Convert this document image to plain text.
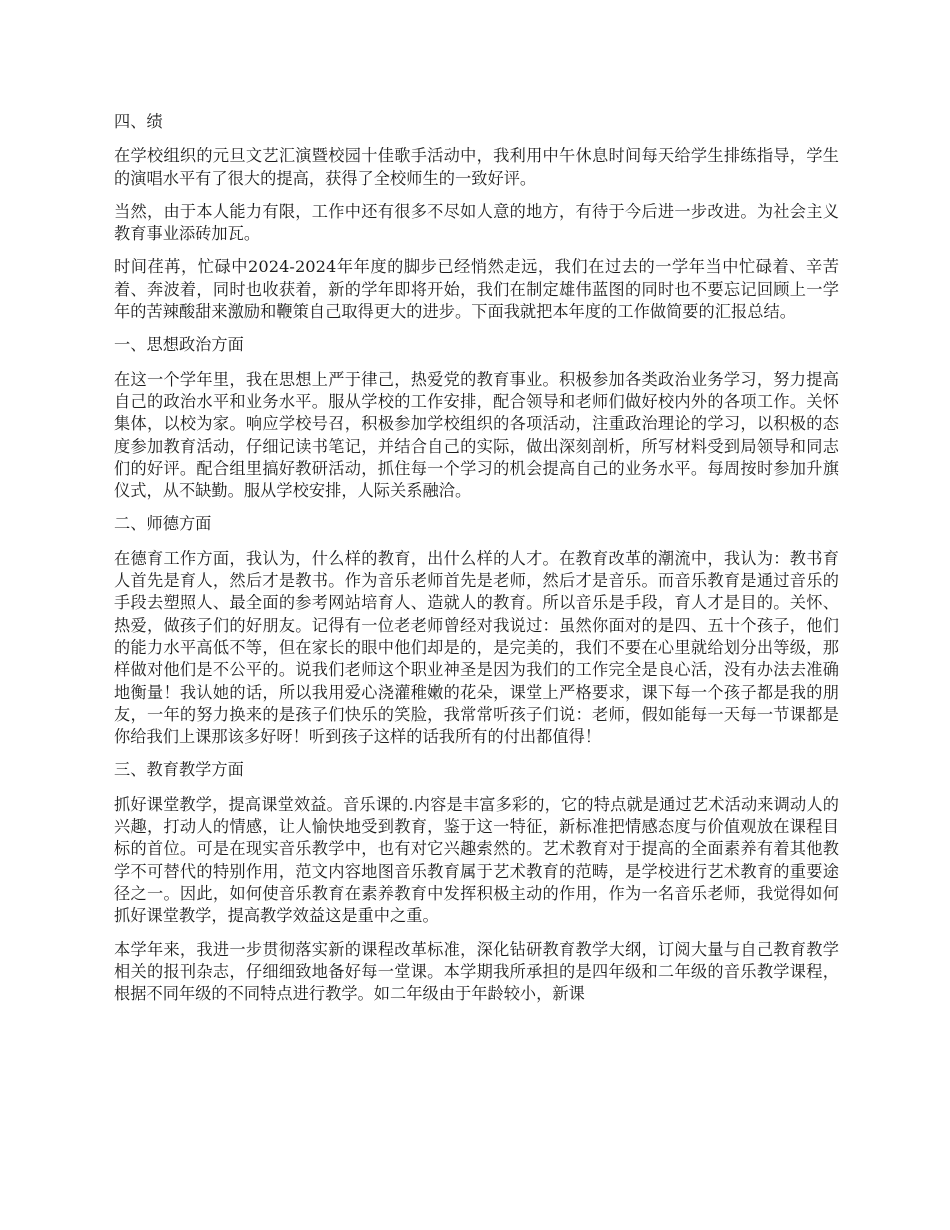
四、绩

在学校组织的元旦文艺汇演暨校园十佳歌手活动中，我利用中午休息时间每天给学生排练指导，学生的演唱水平有了很大的提高，获得了全校师生的一致好评。

当然，由于本人能力有限，工作中还有很多不尽如人意的地方，有待于今后进一步改进。为社会主义教育事业添砖加瓦。

时间荏苒，忙碌中2024-2024年年度的脚步已经悄然走远，我们在过去的一学年当中忙碌着、辛苦着、奔波着，同时也收获着，新的学年即将开始，我们在制定雄伟蓝图的同时也不要忘记回顾上一学年的苦辣酸甜来激励和鞭策自己取得更大的进步。下面我就把本年度的工作做简要的汇报总结。

一、思想政治方面

在这一个学年里，我在思想上严于律己，热爱党的教育事业。积极参加各类政治业务学习，努力提高自己的政治水平和业务水平。服从学校的工作安排，配合领导和老师们做好校内外的各项工作。关怀集体，以校为家。响应学校号召，积极参加学校组织的各项活动，注重政治理论的学习，以积极的态度参加教育活动，仔细记读书笔记，并结合自己的实际，做出深刻剖析，所写材料受到局领导和同志们的好评。配合组里搞好教研活动，抓住每一个学习的机会提高自己的业务水平。每周按时参加升旗仪式，从不缺勤。服从学校安排，人际关系融洽。

二、师德方面

在德育工作方面，我认为，什么样的教育，出什么样的人才。在教育改革的潮流中，我认为：教书育人首先是育人，然后才是教书。作为音乐老师首先是老师，然后才是音乐。而音乐教育是通过音乐的手段去塑照人、最全面的参考网站培育人、造就人的教育。所以音乐是手段，育人才是目的。关怀、热爱，做孩子们的好朋友。记得有一位老老师曾经对我说过：虽然你面对的是四、五十个孩子，他们的能力水平高低不等，但在家长的眼中他们却是的，是完美的，我们不要在心里就给划分出等级，那样做对他们是不公平的。说我们老师这个职业神圣是因为我们的工作完全是良心活，没有办法去准确地衡量！我认她的话，所以我用爱心浇灌稚嫩的花朵，课堂上严格要求，课下每一个孩子都是我的朋友，一年的努力换来的是孩子们快乐的笑脸，我常常听孩子们说：老师，假如能每一天每一节课都是你给我们上课那该多好呀！听到孩子这样的话我所有的付出都值得！

三、教育教学方面

抓好课堂教学，提高课堂效益。音乐课的.内容是丰富多彩的，它的特点就是通过艺术活动来调动人的兴趣，打动人的情感，让人愉快地受到教育，鉴于这一特征，新标准把情感态度与价值观放在课程目标的首位。可是在现实音乐教学中，也有对它兴趣索然的。艺术教育对于提高的全面素养有着其他教学不可替代的特别作用，范文内容地图音乐教育属于艺术教育的范畴，是学校进行艺术教育的重要途径之一。因此，如何使音乐教育在素养教育中发挥积极主动的作用，作为一名音乐老师，我觉得如何抓好课堂教学，提高教学效益这是重中之重。

本学年来，我进一步贯彻落实新的课程改革标准，深化钻研教育教学大纲，订阅大量与自己教育教学相关的报刊杂志，仔细细致地备好每一堂课。本学期我所承担的是四年级和二年级的音乐教学课程，根据不同年级的不同特点进行教学。如二年级由于年龄较小，新课
